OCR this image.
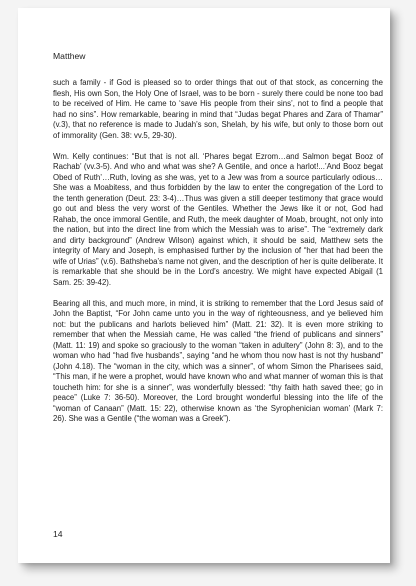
Matthew

such a family - if God is pleased so to order things that out of that stock, as concerning the flesh, His own Son, the Holy One of Israel, was to be born - surely there could be none too bad to be received of Him. He came to ‘save His people from their sins’, not to find a people that had no sins”. How remarkable, bearing in mind that “Judas begat Phares and Zara of Thamar” (v.3), that no reference is made to Judah’s son, Shelah, by his wife, but only to those born out of immorality (Gen. 38: vv.5, 29-30).

Wm. Kelly continues: “But that is not all. ‘Phares begat Ezrom…and Salmon begat Booz of Rachab’ (vv.3-5). And who and what was she? A Gentile, and once a harlot!...’And Booz begat Obed of Ruth’…Ruth, loving as she was, yet to a Jew was from a source particularly odious…She was a Moabitess, and thus forbidden by the law to enter the congregation of the Lord to the tenth generation (Deut. 23: 3-4)…Thus was given a still deeper testimony that grace would go out and bless the very worst of the Gentiles. Whether the Jews like it or not, God had Rahab, the once immoral Gentile, and Ruth, the meek daughter of Moab, brought, not only into the nation, but into the direct line from which the Messiah was to arise”. The “extremely dark and dirty background” (Andrew Wilson) against which, it should be said, Matthew sets the integrity of Mary and Joseph, is emphasised further by the inclusion of “her that had been the wife of Urias” (v.6). Bathsheba’s name not given, and the description of her is quite deliberate. It is remarkable that she should be in the Lord’s ancestry. We might have expected Abigail (1 Sam. 25: 39-42).

Bearing all this, and much more, in mind, it is striking to remember that the Lord Jesus said of John the Baptist, “For John came unto you in the way of righteousness, and ye believed him not: but the publicans and harlots believed him” (Matt. 21: 32). It is even more striking to remember that when the Messiah came, He was called “the friend of publicans and sinners” (Matt. 11: 19) and spoke so graciously to the woman “taken in adultery” (John 8: 3), and to the woman who had “had five husbands”, saying “and he whom thou now hast is not thy husband” (John 4.18). The “woman in the city, which was a sinner”, of whom Simon the Pharisees said, “This man, if he were a prophet, would have known who and what manner of woman this is that toucheth him: for she is a sinner”, was wonderfully blessed: “thy faith hath saved thee; go in peace” (Luke 7: 36-50). Moreover, the Lord brought wonderful blessing into the life of the “woman of Canaan” (Matt. 15: 22), otherwise known as ‘the Syrophenician woman’ (Mark 7: 26). She was a Gentile (“the woman was a Greek”).

14
